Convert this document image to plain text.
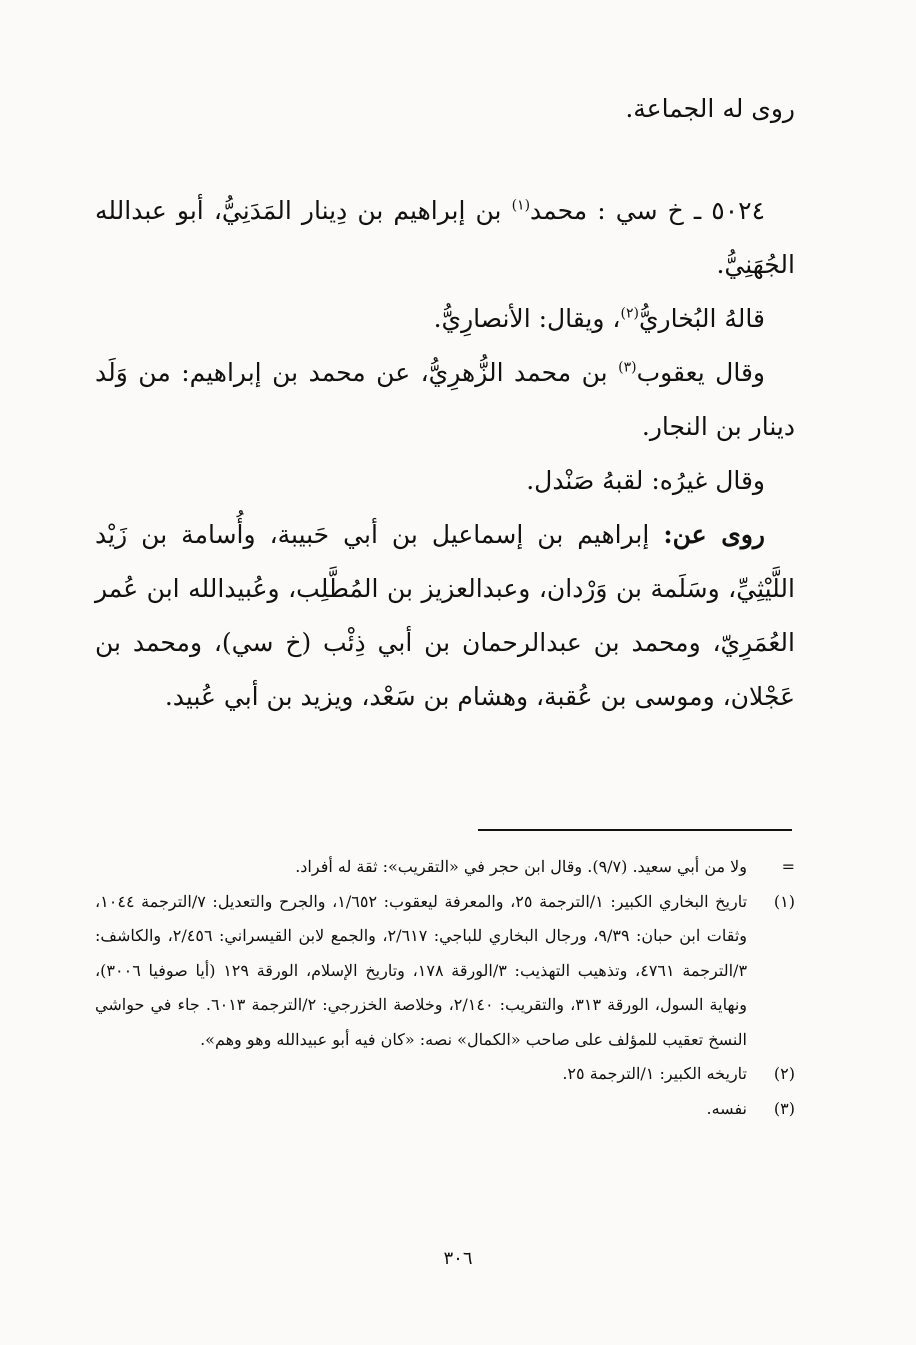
روى له الجماعة.

٥٠٢٤ ـ خ سي : محمد$^{(١)}$ بن إبراهيم بن دِينار المَدَنِيُّ، أبو عبدالله الجُهَنِيُّ.

قالهُ البُخاريُّ$^{(٢)}$، ويقال: الأنصارِيُّ.

وقال يعقوب$^{(٣)}$ بن محمد الزُّهرِيُّ، عن محمد بن إبراهيم: من وَلَد دينار بن النجار.

وقال غيرُه: لقبهُ صَنْدل.

روى عن: إبراهيم بن إسماعيل بن أبي حَبيبة، وأُسامة بن زَيْد اللَّيْثِيِّ، وسَلَمة بن وَرْدان، وعبدالعزيز بن المُطَّلِب، وعُبيدالله ابن عُمر العُمَرِيّ، ومحمد بن عبدالرحمان بن أبي ذِئْب (خ سي)، ومحمد بن عَجْلان، وموسى بن عُقبة، وهشام بن سَعْد، ويزيد بن أبي عُبيد.

=
ولا من أبي سعيد. (٩/٧). وقال ابن حجر في «التقريب»: ثقة له أفراد.
(١)
تاريخ البخاري الكبير: ١/الترجمة ٢٥، والمعرفة ليعقوب: ١/٦٥٢، والجرح والتعديل: ٧/الترجمة ١٠٤٤، وثقات ابن حبان: ٩/٣٩، ورجال البخاري للباجي: ٢/٦١٧، والجمع لابن القيسراني: ٢/٤٥٦، والكاشف: ٣/الترجمة ٤٧٦١، وتذهيب التهذيب: ٣/الورقة ١٧٨، وتاريخ الإسلام، الورقة ١٢٩ (أيا صوفيا ٣٠٠٦)، ونهاية السول، الورقة ٣١٣، والتقريب: ٢/١٤٠، وخلاصة الخزرجي: ٢/الترجمة ٦٠١٣. جاء في حواشي النسخ تعقيب للمؤلف على صاحب «الكمال» نصه: «كان فيه أبو عبيدالله وهو وهم».
(٢)
تاريخه الكبير: ١/الترجمة ٢٥.
(٣)
نفسه.
٣٠٦
